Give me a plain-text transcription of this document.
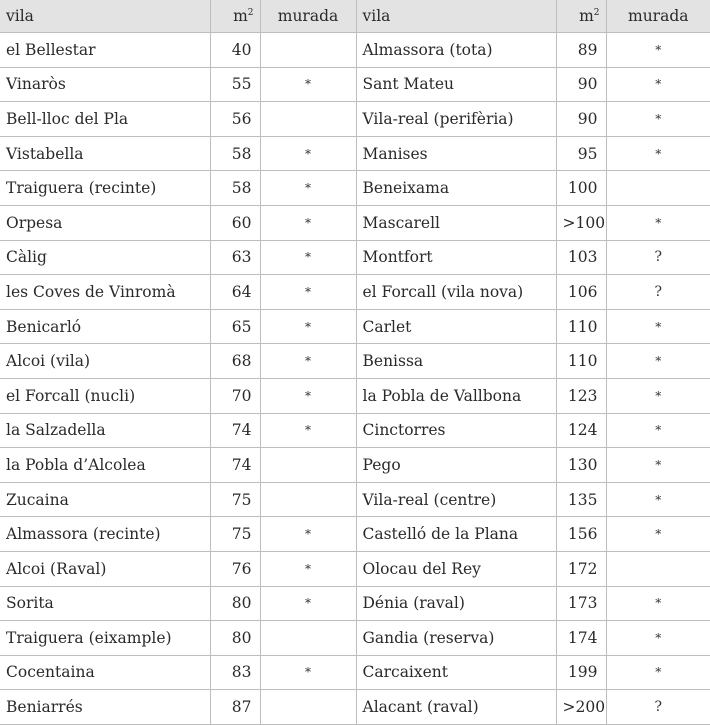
vila	$m^2$	murada	vila	$m^2$	murada
el Bellestar	40		Almassora (tota)	89	*
Vinaròs	55	*	Sant Mateu	90	*
Bell-lloc del Pla	56		Vila-real (perifèria)	90	*
Vistabella	58	*	Manises	95	*
Traiguera (recinte)	58	*	Beneixama	100	
Orpesa	60	*	Mascarell	>100	*
Càlig	63	*	Montfort	103	?
les Coves de Vinromà	64	*	el Forcall (vila nova)	106	?
Benicarló	65	*	Carlet	110	*
Alcoi (vila)	68	*	Benissa	110	*
el Forcall (nucli)	70	*	la Pobla de Vallbona	123	*
la Salzadella	74	*	Cinctorres	124	*
la Pobla d’Alcolea	74		Pego	130	*
Zucaina	75		Vila-real (centre)	135	*
Almassora (recinte)	75	*	Castelló de la Plana	156	*
Alcoi (Raval)	76	*	Olocau del Rey	172	
Sorita	80	*	Dénia (raval)	173	*
Traiguera (eixample)	80		Gandia (reserva)	174	*
Cocentaina	83	*	Carcaixent	199	*
Beniarrés	87		Alacant (raval)	>200	?
